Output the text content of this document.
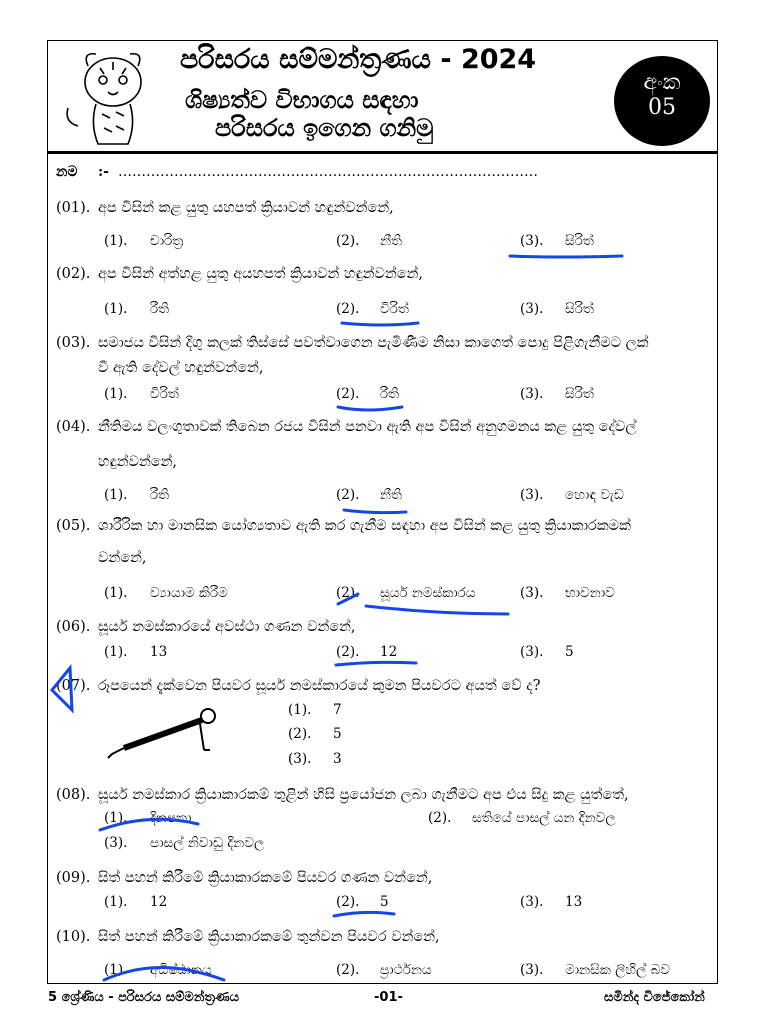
පරිසරය සම්මන්ත්‍රණය - 2024
ශිෂ්‍යත්ව විභාගය සඳහා
පරිසරය ඉගෙන ගනිමු
අංක
05
නම :- ………………………………………………………………………………
(01). අප විසින් කළ යුතු යහපත් ක්‍රියාවන් හඳුන්වන්නේ,
(1). චාරිත්‍ර	(2). නීති	(3). සිරිත්
(02). අප විසින් අත්හළ යුතු අයහපත් ක්‍රියාවන් හඳුන්වන්නේ,
(1). රීති	(2). විරිත්	(3). සිරිත්
(03). සමාජය විසින් දිගු කලක් තිස්සේ පවත්වාගෙන පැමිණීම නිසා කාගෙත් පොදු පිළිගැනීමට ලක්
වී ඇති දේවල් හඳුන්වන්නේ,
(1). විරිත්	(2). රීති	(3). සිරිත්
(04). නීතිමය වලංගුතාවක් තිබෙන රජය විසින් පනවා ඇති අප විසින් අනුගමනය කළ යුතු දේවල්
හඳුන්වන්නේ,
(1). රීති	(2). නීති	(3). හොඳ වැඩ
(05). ශාරීරික හා මානසික යෝග්‍යතාව ඇති කර ගැනීම සඳහා අප විසින් කළ යුතු ක්‍රියාකාරකමක්
වන්නේ,
(1). ව්‍යායාම කිරීම	(2). සූර්ය නමස්කාරය	(3). භාවනාව
(06). සූර්ය නමස්කාරයේ අවස්ථා ගණන වන්නේ,
(1). 13	(2). 12	(3). 5
(07). රූපයෙන් දැක්වෙන පියවර සූර්ය නමස්කාරයේ කුමන පියවරට අයත් වේ ද?
(1). 7
(2). 5
(3). 3
(08). සූර්ය නමස්කාර ක්‍රියාකාරකම් තුළින් හිසි ප්‍රයෝජන ලබා ගැනීමට අප එය සිදු කළ යුත්තේ,
(1). දිනපතා	(2). සතියේ පාසල් යන දිනවල
(3). පාසල් නිවාඩු දිනවල
(09). සිත් පහන් කිරීමේ ක්‍රියාකාරකමේ පියවර ගණන වන්නේ,
(1). 12	(2). 5	(3). 13
(10). සිත් පහන් කිරීමේ ක්‍රියාකාරකමේ තුන්වන පියවර වන්නේ,
(1). අධිෂ්ඨානය	(2). ප්‍රාර්ථනය	(3). මානසික ලිහිල් බව
5 ශ්‍රේණිය - පරිසරය සම්මන්ත්‍රණය	-01-	සමින්ද විජේකෝන්
